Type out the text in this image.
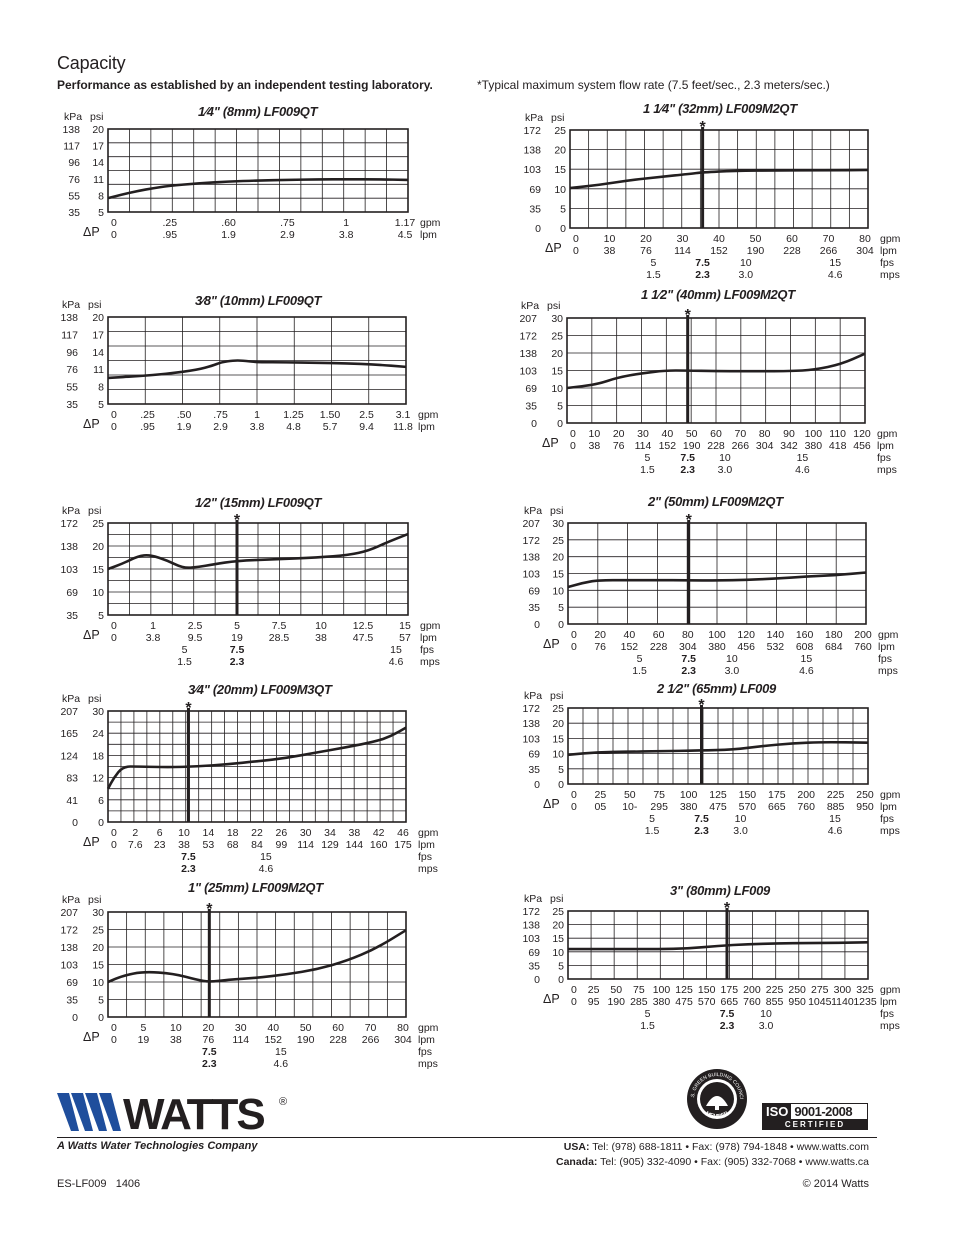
Capacity
Performance as established by an independent testing laboratory.	*Typical maximum system flow rate (7.5 feet/sec., 2.3 meters/sec.)
1⁄4" (8mm) LF009QT
kPa psi
138 20
117 17
96 14
76 11
55 8
35 5
0
0
.25
.95
.60
1.9
.75
2.9
1
3.8
1.17
4.5
gpm
lpm
ΔP
3⁄8" (10mm) LF009QT
kPa psi
138 20
117 17
96 14
76 11
55 8
35 5
0
0
.25
.95
.50
1.9
.75
2.9
1
3.8
1.25
4.8
1.50
5.7
2.5
9.4
3.1
11.8
gpm
lpm
ΔP
1⁄2" (15mm) LF009QT
kPa psi
172 25
138 20
103 15
69 10
35 5
0
0
1
3.8
2.5
9.5
5
19
7.5
28.5
10
38
12.5
47.5
15
57
gpm
lpm
fps
mps
5	7.5	15
1.5	2.3	4.6
ΔP
*
3⁄4" (20mm) LF009M3QT
kPa psi
207 30
165 24
124 18
83 12
41 6
0 0
0
0
2
7.6
6
23
10
38
14
53
18
68
22
84
26
99
30
114
34
129
38
144
42
160
46
175
gpm
lpm
fps
mps
7.5	15
2.3	4.6
ΔP
*
1" (25mm) LF009M2QT
kPa psi
207 30
172 25
138 20
103 15
69 10
35 5
0 0
0
0
5
19
10
38
20
76
30
114
40
152
50
190
60
228
70
266
80
304
gpm
lpm
fps
mps
7.5	15
2.3	4.6
ΔP
*
1 1⁄4" (32mm) LF009M2QT
kPa psi
172 25
138 20
103 15
69 10
35 5
0 0
0
0
10
38
20
76
30
114
40
152
50
190
60
228
70
266
80
304
gpm
lpm
fps
mps
5	7.5	10	15
1.5	2.3	3.0	4.6
ΔP
*
1 1⁄2" (40mm) LF009M2QT
kPa psi
207 30
172 25
138 20
103 15
69 10
35 5
0 0
0
0
10
38
20
76
30
114
40
152
50
190
60
228
70
266
80
304
90
342
100
380
110
418
120
456
gpm
lpm
fps
mps
5	7.5 10	15
1.5 2.3 3.0	4.6
ΔP
*
2" (50mm) LF009M2QT
kPa psi
207 30
172 25
138 20
103 15
69 10
35 5
0 0
0
0
20
76
40
152
60
228
80
304
100
380
120
456
140
532
160
608
180
684
200
760
gpm
lpm
fps
mps
5	7.5	10	15
1.5	2.3	3.0	4.6
ΔP
*
2 1⁄2" (65mm) LF009
kPa psi
172 25
138 20
103 15
69 10
35 5
0 0
0
0
25
05
50
10-
75
295
100
380
125
475
150
570
175
665
200
760
225
885
250
950
gpm
lpm
fps
mps
5	7.5 10	15
1.5	2.3 3.0	4.6
ΔP
*
3" (80mm) LF009
kPa psi
172 25
138 20
103 15
69 10
35 5
0 0
0
0
25
95
50
190
75
285
100
380
125
475
150
570
175
665
200
760
225
855
250
950
275
1045
300
1140
325
1235
gpm
lpm
fps
mps
5	7.5 10
1.5	2.3 3.0
ΔP
*
WATTS ®
A Watts Water Technologies Company
.S. GREEN BUILDING COUNCI
MEMBER	ISO 9001-2008
CERTIFIED
USA: Tel: (978) 688-1811 • Fax: (978) 794-1848 • www.watts.com
Canada: Tel: (905) 332-4090 • Fax: (905) 332-7068 • www.watts.ca
ES-LF009   1406	© 2014 Watts
